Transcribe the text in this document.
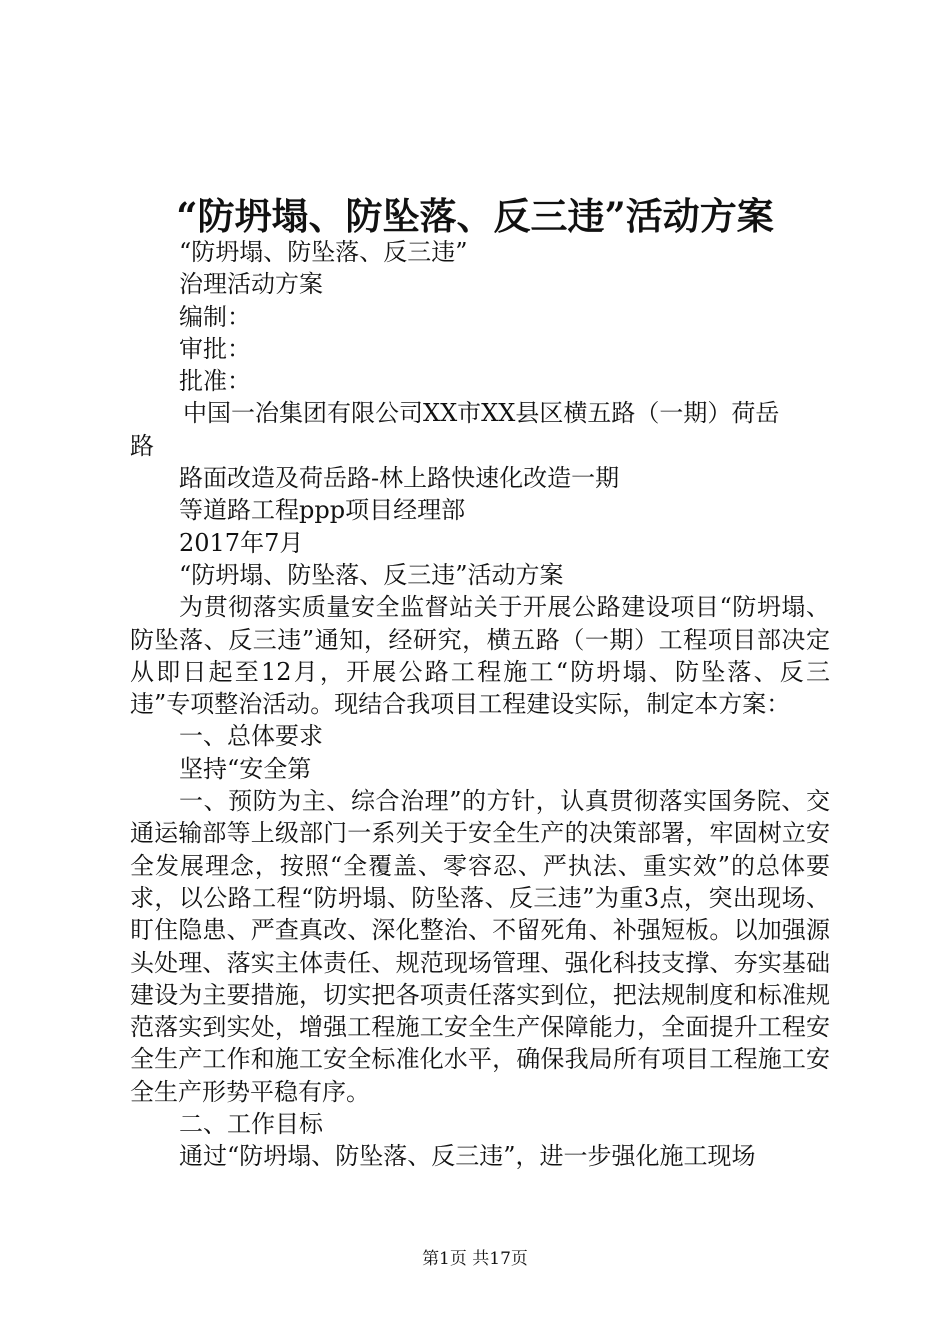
“防坍塌、防坠落、反三违”活动方案
“防坍塌、防坠落、反三违”
治理活动方案
编制：
审批：
批准：
中国一冶集团有限公司XX市XX县区横五路（一期）荷岳
路
路面改造及荷岳路-林上路快速化改造一期
等道路工程ppp项目经理部
2017年7月
“防坍塌、防坠落、反三违”活动方案
为贯彻落实质量安全监督站关于开展公路建设项目“防坍塌、防坠落、反三违”通知，经研究，横五路（一期）工程项目部决定从即日起至12月，开展公路工程施工“防坍塌、防坠落、反三违”专项整治活动。现结合我项目工程建设实际，制定本方案：
一、总体要求
坚持“安全第
一、预防为主、综合治理”的方针，认真贯彻落实国务院、交通运输部等上级部门一系列关于安全生产的决策部署，牢固树立安全发展理念，按照“全覆盖、零容忍、严执法、重实效”的总体要求，以公路工程“防坍塌、防坠落、反三违”为重3点，突出现场、盯住隐患、严查真改、深化整治、不留死角、补强短板。以加强源头处理、落实主体责任、规范现场管理、强化科技支撑、夯实基础建设为主要措施，切实把各项责任落实到位，把法规制度和标准规范落实到实处，增强工程施工安全生产保障能力，全面提升工程安全生产工作和施工安全标准化水平，确保我局所有项目工程施工安全生产形势平稳有序。
二、工作目标
通过“防坍塌、防坠落、反三违”，进一步强化施工现场
第1页 共17页
